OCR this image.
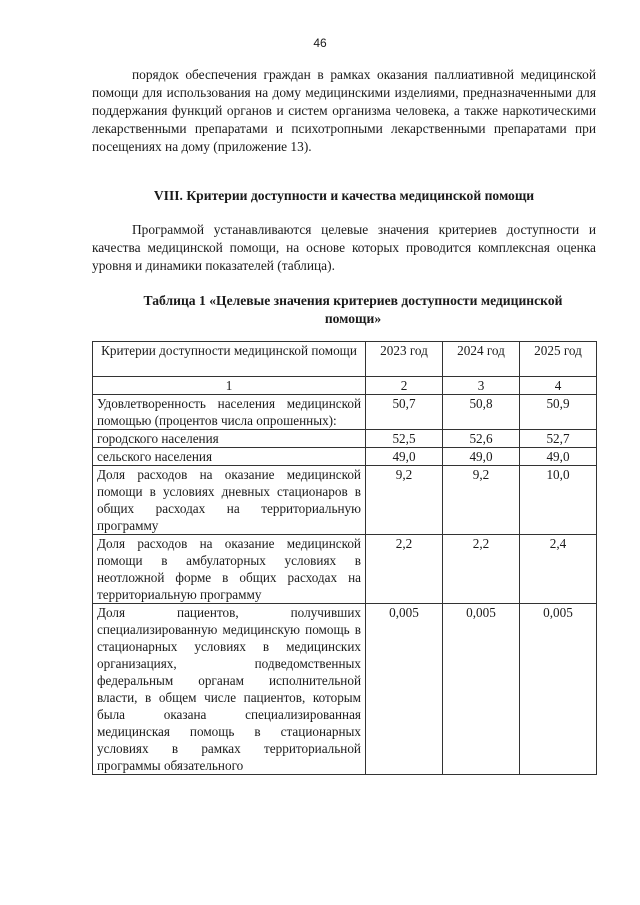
46

порядок обеспечения граждан в рамках оказания паллиативной медицинской помощи для использования на дому медицинскими изделиями, предназначенными для поддержания функций органов и систем организма человека, а также наркотическими лекарственными препаратами и психотропными лекарственными препаратами при посещениях на дому (приложение 13).

VIII. Критерии доступности и качества медицинской помощи

Программой устанавливаются целевые значения критериев доступности и качества медицинской помощи, на основе которых проводится комплексная оценка уровня и динамики показателей (таблица).

Таблица 1 «Целевые значения критериев доступности медицинской помощи»
Критерии доступности медицинской помощи	2023 год	2024 год	2025 год
1	2	3	4
Удовлетворенность населения медицинской помощью (процентов числа опрошенных):	50,7	50,8	50,9
городского населения	52,5	52,6	52,7
сельского населения	49,0	49,0	49,0
Доля расходов на оказание медицинской помощи в условиях дневных стационаров в общих расходах на территориальную программу	9,2	9,2	10,0
Доля расходов на оказание медицинской помощи в амбулаторных условиях в неотложной форме в общих расходах на территориальную программу	2,2	2,2	2,4
Доля пациентов, получивших специализированную медицинскую помощь в стационарных условиях в медицинских организациях, подведомственных федеральным органам исполнительной власти, в общем числе пациентов, которым была оказана специализированная медицинская помощь в стационарных условиях в рамках территориальной программы обязательного	0,005	0,005	0,005
